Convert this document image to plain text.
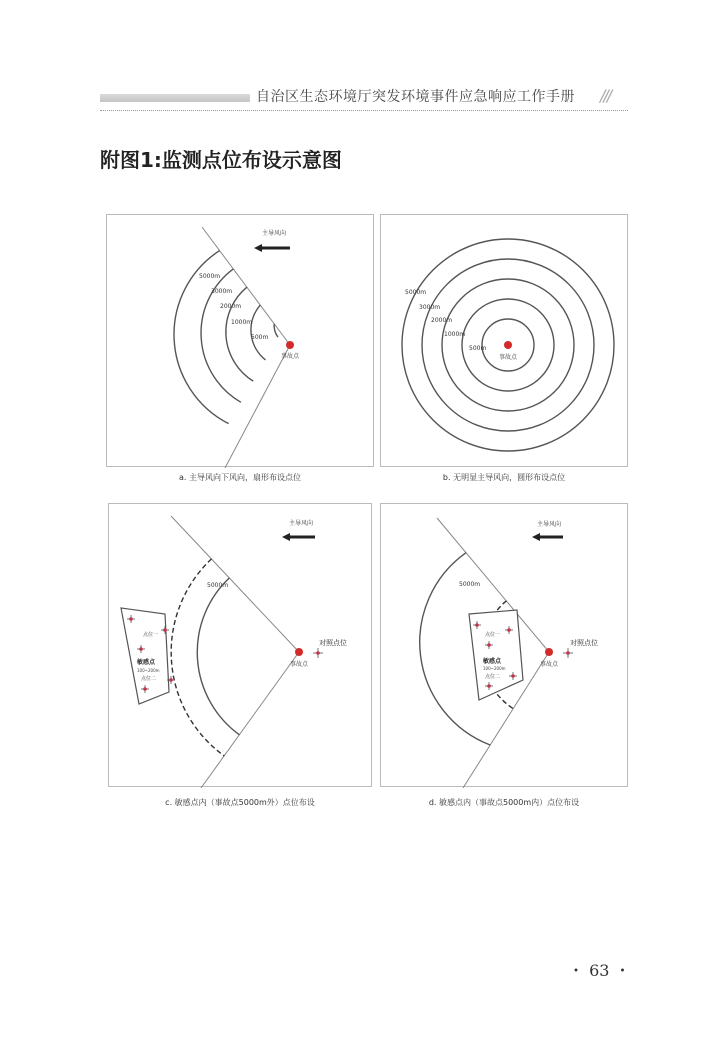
自治区生态环境厅突发环境事件应急响应工作手册 ///
附图1:监测点位布设示意图
主导风向
5000m
3000m
2000m
1000m
500m
事故点
a. 主导风向下风向，扇形布设点位
5000m
3000m
2000m
1000m
500m
事故点
b. 无明显主导风向，圆形布设点位
主导风向
5000m
点位一
敏感点
100~200m
点位二
事故点
对照点位
c. 敏感点内（事故点5000m外）点位布设
主导风向
5000m
点位一
敏感点
100~200m
点位二
事故点
对照点位
d. 敏感点内（事故点5000m内）点位布设
・ 63 ・
